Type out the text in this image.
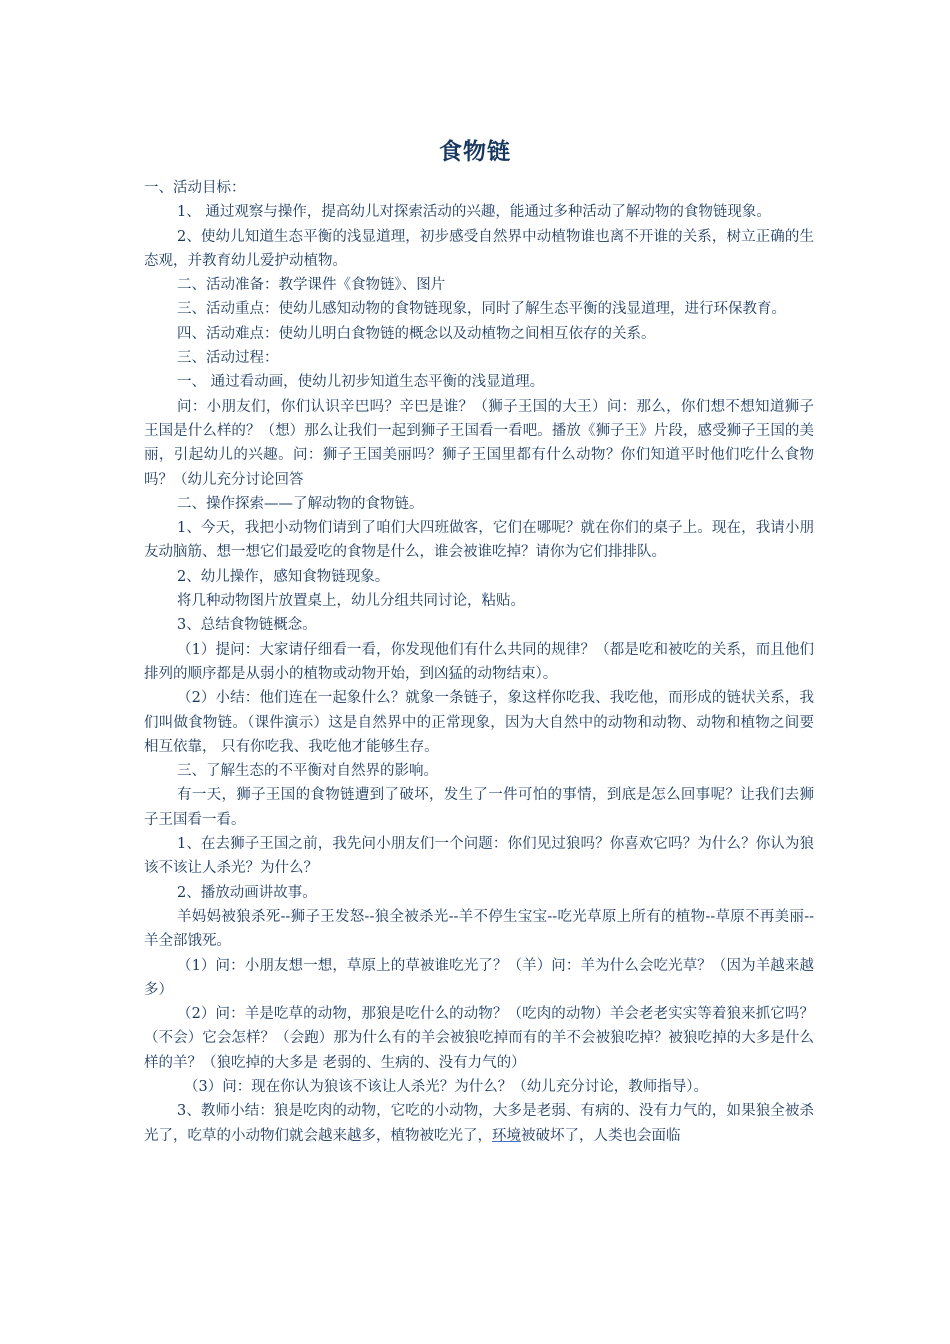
食物链

一、活动目标：

1、 通过观察与操作，提高幼儿对探索活动的兴趣，能通过多种活动了解动物的食物链现象。

2、使幼儿知道生态平衡的浅显道理，初步感受自然界中动植物谁也离不开谁的关系，树立正确的生态观，并教育幼儿爱护动植物。

二、活动准备：教学课件《食物链》、图片

三、活动重点：使幼儿感知动物的食物链现象，同时了解生态平衡的浅显道理，进行环保教育。

四、活动难点：使幼儿明白食物链的概念以及动植物之间相互依存的关系。

三、活动过程：

一、 通过看动画，使幼儿初步知道生态平衡的浅显道理。

问：小朋友们，你们认识辛巴吗？辛巴是谁？（狮子王国的大王）问：那么，你们想不想知道狮子王国是什么样的？（想）那么让我们一起到狮子王国看一看吧。播放《狮子王》片段，感受狮子王国的美丽，引起幼儿的兴趣。问：狮子王国美丽吗？狮子王国里都有什么动物？你们知道平时他们吃什么食物吗？（幼儿充分讨论回答

二、操作探索——了解动物的食物链。

1、今天，我把小动物们请到了咱们大四班做客，它们在哪呢？就在你们的桌子上。现在，我请小朋友动脑筋、想一想它们最爱吃的食物是什么，谁会被谁吃掉？请你为它们排排队。

2、幼儿操作，感知食物链现象。

将几种动物图片放置桌上，幼儿分组共同讨论，粘贴。

3、总结食物链概念。

（1）提问：大家请仔细看一看，你发现他们有什么共同的规律？（都是吃和被吃的关系，而且他们排列的顺序都是从弱小的植物或动物开始，到凶猛的动物结束）。

（2）小结：他们连在一起象什么？就象一条链子，象这样你吃我、我吃他，而形成的链状关系，我们叫做食物链。（课件演示）这是自然界中的正常现象，因为大自然中的动物和动物、动物和植物之间要相互依靠， 只有你吃我、我吃他才能够生存。

三、了解生态的不平衡对自然界的影响。

有一天，狮子王国的食物链遭到了破坏，发生了一件可怕的事情，到底是怎么回事呢？让我们去狮子王国看一看。

1、在去狮子王国之前，我先问小朋友们一个问题：你们见过狼吗？你喜欢它吗？为什么？你认为狼该不该让人杀光？为什么？

2、播放动画讲故事。

羊妈妈被狼杀死--狮子王发怒--狼全被杀光--羊不停生宝宝--吃光草原上所有的植物--草原不再美丽--羊全部饿死。

（1）问：小朋友想一想，草原上的草被谁吃光了？（羊）问：羊为什么会吃光草？（因为羊越来越多）

（2）问：羊是吃草的动物，那狼是吃什么的动物？（吃肉的动物）羊会老老实实等着狼来抓它吗？（不会）它会怎样？（会跑）那为什么有的羊会被狼吃掉而有的羊不会被狼吃掉？被狼吃掉的大多是什么样的羊？（狼吃掉的大多是 老弱的、生病的、没有力气的）

（3）问：现在你认为狼该不该让人杀光？为什么？（幼儿充分讨论，教师指导）。

3、教师小结：狼是吃肉的动物，它吃的小动物，大多是老弱、有病的、没有力气的，如果狼全被杀光了，吃草的小动物们就会越来越多，植物被吃光了，环境被破坏了，人类也会面临
